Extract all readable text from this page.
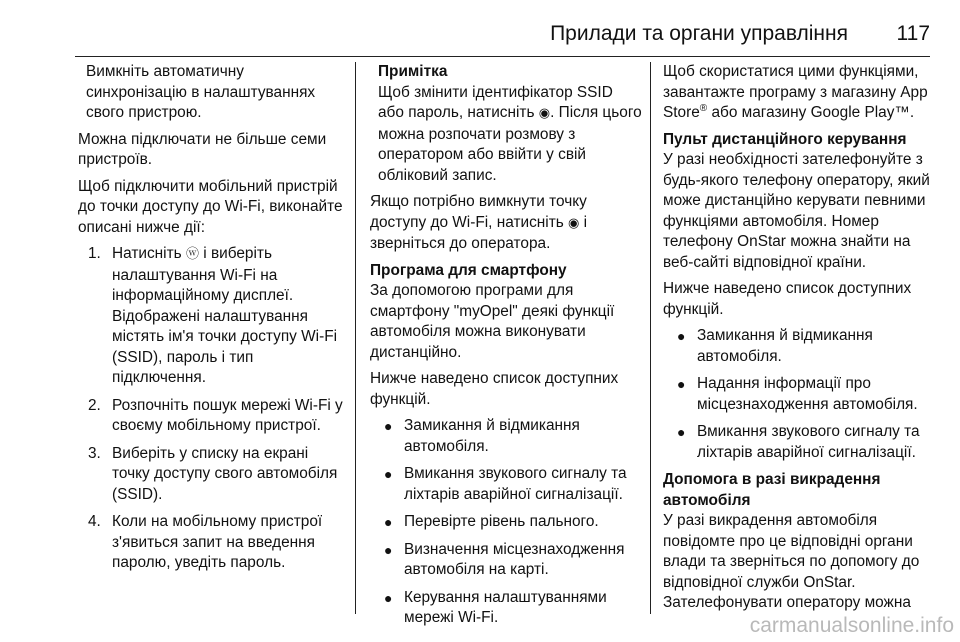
Прилади та органи управління 117

Вимкніть автоматичну синхронізацію в налаштуваннях свого пристрою.

Можна підключати не більше семи пристроїв.

Щоб підключити мобільний пристрій до точки доступу до Wi-Fi, виконайте описані нижче дії:

1. Натисніть ⓦ і виберіть налаштування Wi-Fi на інформаційному дисплеї. Відображені налаштування містять ім'я точки доступу Wi-Fi (SSID), пароль і тип підключення.
2. Розпочніть пошук мережі Wi-Fi у своєму мобільному пристрої.
3. Виберіть у списку на екрані точку доступу свого автомобіля (SSID).
4. Коли на мобільному пристрої з'явиться запит на введення паролю, уведіть пароль.
Примітка
Щоб змінити ідентифікатор SSID або пароль, натисніть ◉. Після цього можна розпочати розмову з оператором або ввійти у свій обліковий запис.

Якщо потрібно вимкнути точку доступу до Wi-Fi, натисніть ◉ і зверніться до оператора.

Програма для смартфону
За допомогою програми для смартфону "myOpel" деякі функції автомобіля можна виконувати дистанційно.

Нижче наведено список доступних функцій.

● Замикання й відмикання автомобіля.
● Вмикання звукового сигналу та ліхтарів аварійної сигналізації.
● Перевірте рівень пального.
● Визначення місцезнаходження автомобіля на карті.
● Керування налаштуваннями мережі Wi-Fi.

Щоб скористатися цими функціями, завантажте програму з магазину App Store® або магазину Google Play™.

Пульт дистанційного керування
У разі необхідності зателефонуйте з будь-якого телефону оператору, який може дистанційно керувати певними функціями автомобіля. Номер телефону OnStar можна знайти на веб-сайті відповідної країни.

Нижче наведено список доступних функцій.

● Замикання й відмикання автомобіля.
● Надання інформації про місцезнаходження автомобіля.
● Вмикання звукового сигналу та ліхтарів аварійної сигналізації.

Допомога в разі викрадення автомобіля
У разі викрадення автомобіля повідомте про це відповідні органи влади та зверніться по допомогу до відповідної служби OnStar. Зателефонувати оператору можна

carmanualsonline.info
